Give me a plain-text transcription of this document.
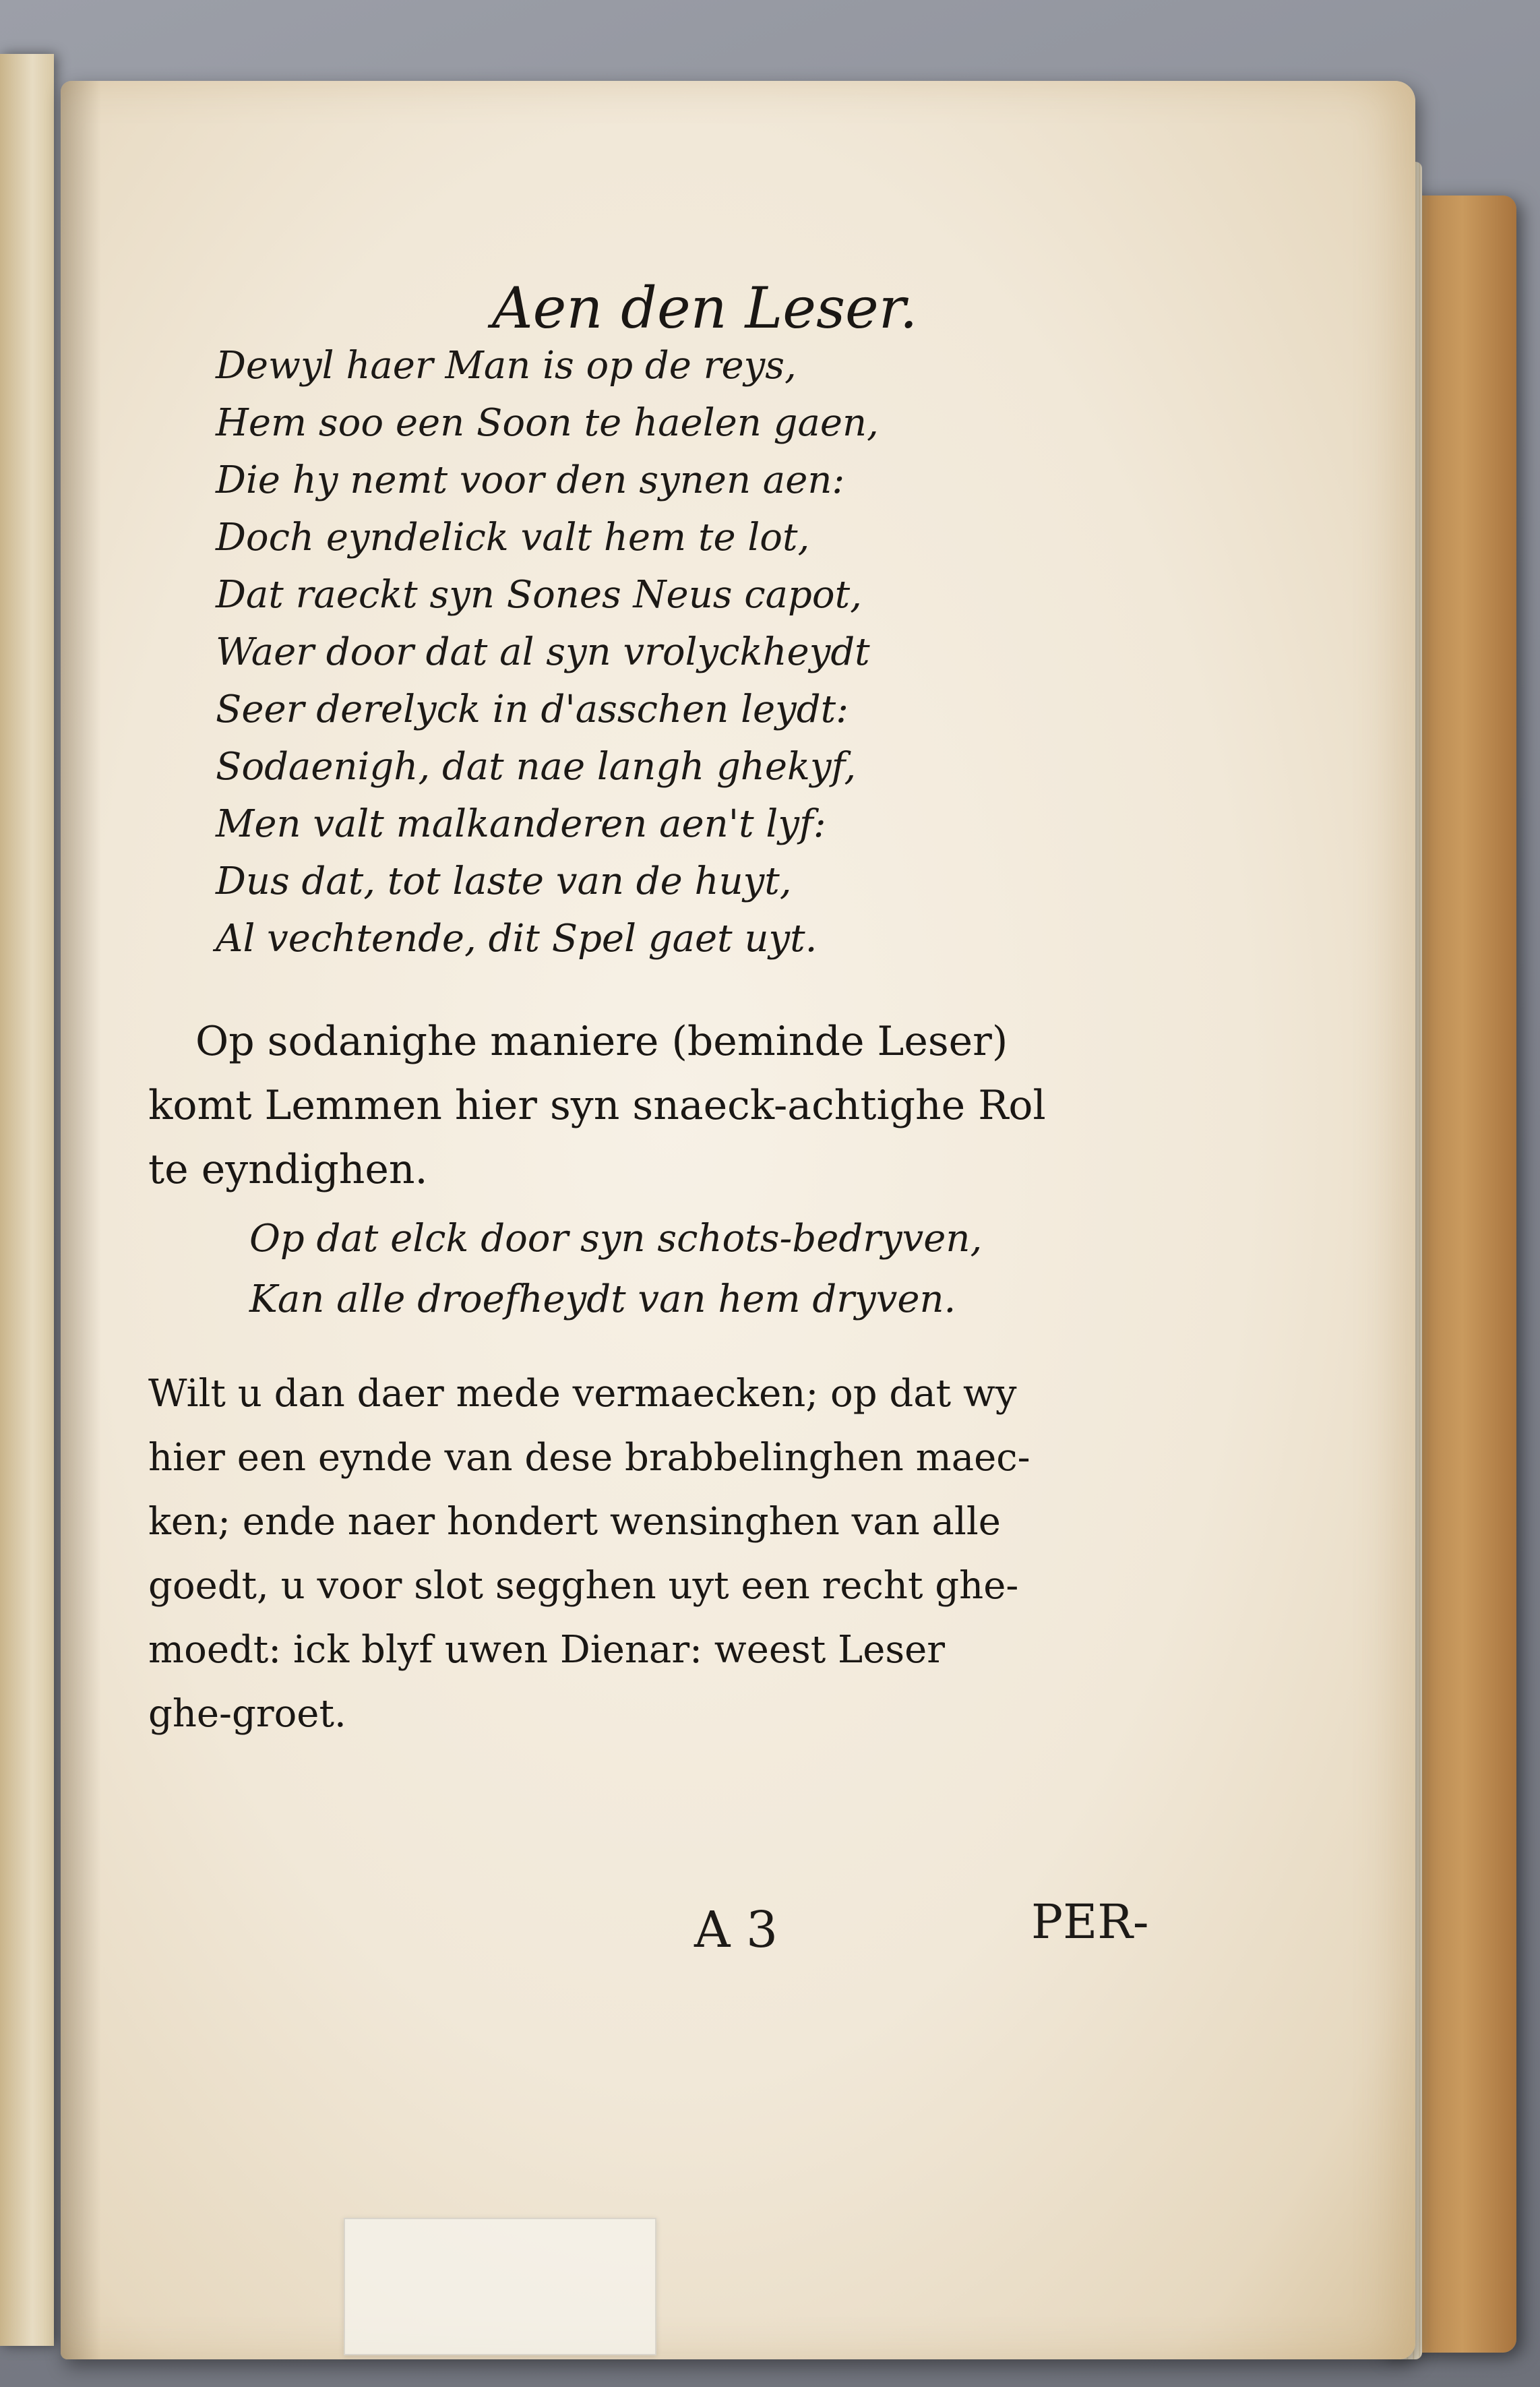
Aen den Leser.
Dewyl haer Man is op de reys,
Hem soo een Soon te haelen gaen,
Die hy nemt voor den synen aen:
Doch eyndelick valt hem te lot,
Dat raeckt syn Sones Neus capot,
Waer door dat al syn vrolyckheydt
Seer derelyck in d'asschen leydt:
Sodaenigh, dat nae langh ghekyf,
Men valt malkanderen aen't lyf:
Dus dat, tot laste van de huyt,
Al vechtende, dit Spel gaet uyt.
Op sodanighe maniere (beminde Leser)
komt Lemmen hier syn snaeck-achtighe Rol
te eyndighen.
Op dat elck door syn schots-bedryven,
Kan alle droefheydt van hem dryven.
Wilt u dan daer mede vermaecken; op dat wy
hier een eynde van dese brabbelinghen maec-
ken; ende naer hondert wensinghen van alle
goedt, u voor slot segghen uyt een recht ghe-
moedt: ick blyf uwen Dienar: weest Leser
ghe-groet.
A 3	PER-
